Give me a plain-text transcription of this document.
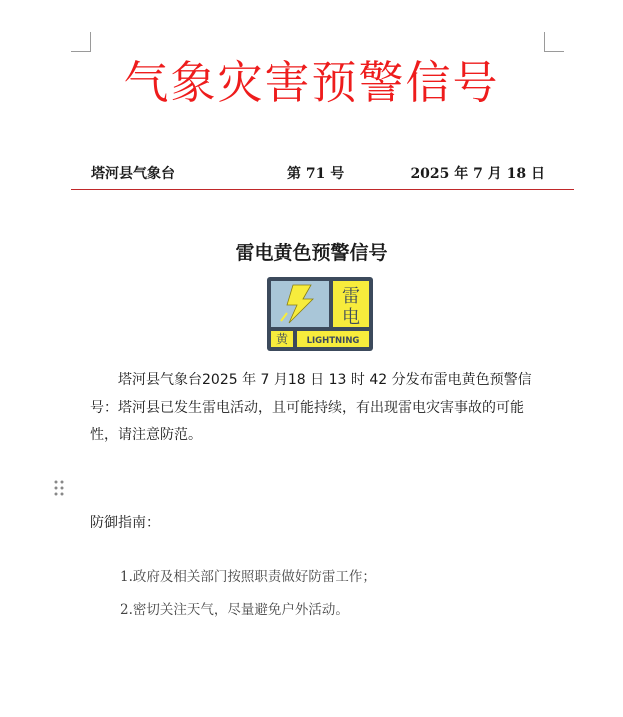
气象灾害预警信号
塔河县气象台	第 71 号	2025 年 7 月 18 日
雷电黄色预警信号
雷
电
黄 LIGHTNING

塔河县气象台2025 年 7 月18 日 13 时 42 分发布雷电黄色预警信号：塔河县已发生雷电活动，且可能持续，有出现雷电灾害事故的可能性，请注意防范。

防御指南：
1.政府及相关部门按照职责做好防雷工作；
2.密切关注天气，尽量避免户外活动。
